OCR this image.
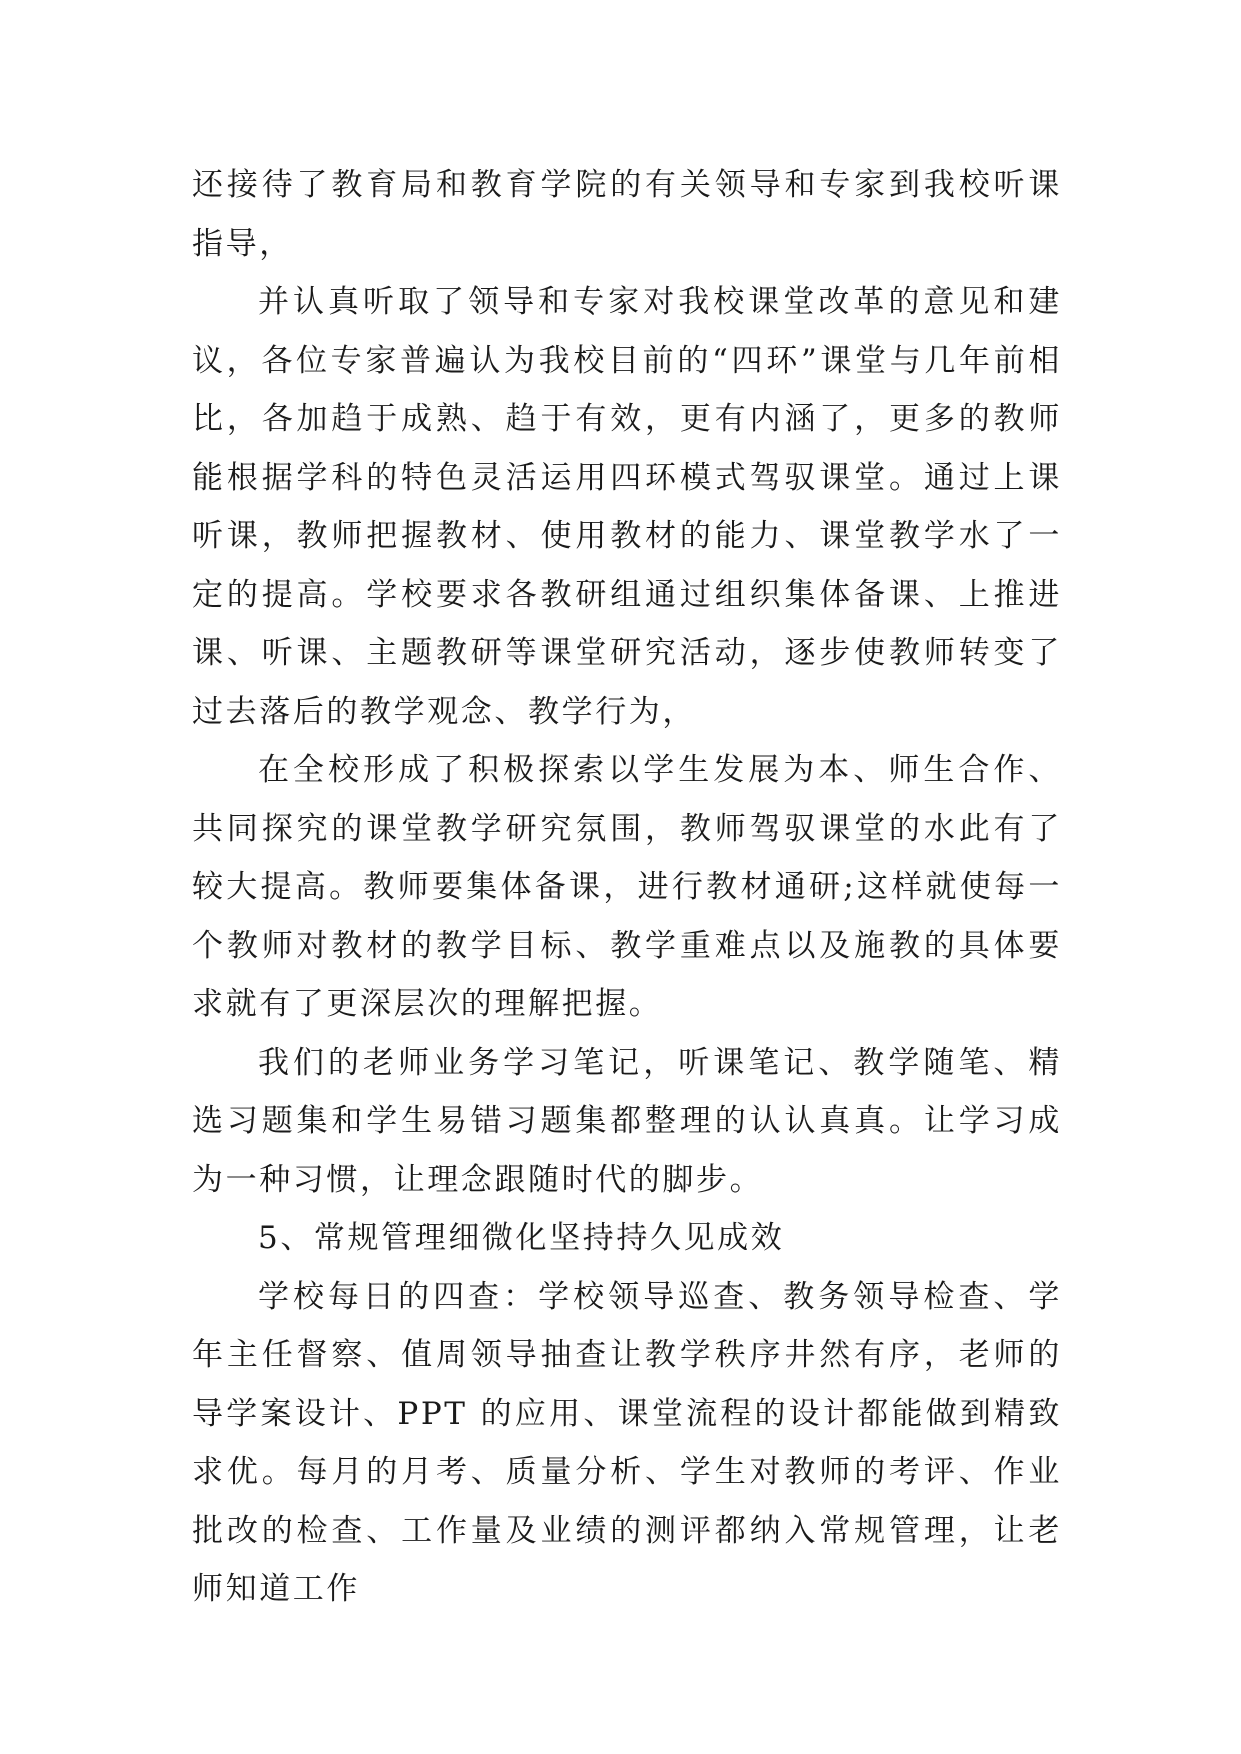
还接待了教育局和教育学院的有关领导和专家到我校听课指导，

并认真听取了领导和专家对我校课堂改革的意见和建议，各位专家普遍认为我校目前的“四环”课堂与几年前相比，各加趋于成熟、趋于有效，更有内涵了，更多的教师能根据学科的特色灵活运用四环模式驾驭课堂。通过上课听课，教师把握教材、使用教材的能力、课堂教学水了一定的提高。学校要求各教研组通过组织集体备课、上推进课、听课、主题教研等课堂研究活动，逐步使教师转变了过去落后的教学观念、教学行为，

在全校形成了积极探索以学生发展为本、师生合作、共同探究的课堂教学研究氛围，教师驾驭课堂的水此有了较大提高。教师要集体备课，进行教材通研;这样就使每一个教师对教材的教学目标、教学重难点以及施教的具体要求就有了更深层次的理解把握。

我们的老师业务学习笔记，听课笔记、教学随笔、精选习题集和学生易错习题集都整理的认认真真。让学习成为一种习惯，让理念跟随时代的脚步。

5、常规管理细微化坚持持久见成效

学校每日的四查：学校领导巡查、教务领导检查、学年主任督察、值周领导抽查让教学秩序井然有序，老师的导学案设计、PPT 的应用、课堂流程的设计都能做到精致求优。每月的月考、质量分析、学生对教师的考评、作业批改的检查、工作量及业绩的测评都纳入常规管理，让老师知道工作
